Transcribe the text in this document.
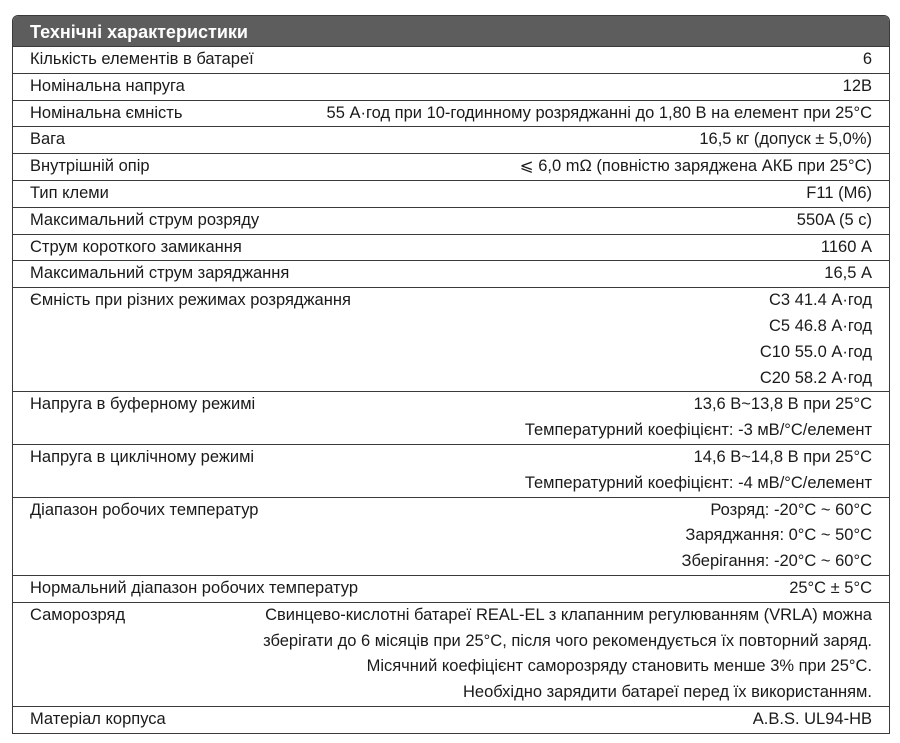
Технічні характеристики
Кількість елементів в батареї	6
Номінальна напруга	12В
Номінальна ємність	55 А·год при 10-годинному розряджанні до 1,80 В на елемент при 25°C
Вага	16,5 кг (допуск ± 5,0%)
Внутрішній опір	⩽ 6,0 mΩ (повністю заряджена АКБ при 25°C)
Тип клеми	F11 (M6)
Максимальний струм розряду	550A (5 с)
Струм короткого замикання	1160 А
Максимальний струм заряджання	16,5 А
Ємність при різних режимах розряджання	С3 41.4 А·год
С5 46.8 А·год
С10 55.0 А·год
С20 58.2 А·год
Напруга в буферному режимі	13,6 В~13,8 В при 25°C
Температурний коефіцієнт: -3 мВ/°С/елемент
Напруга в циклічному режимі	14,6 В~14,8 В при 25°C
Температурний коефіцієнт: -4 мВ/°С/елемент
Діапазон робочих температур	Розряд: -20°C ~ 60°C
Заряджання: 0°C ~ 50°C
Зберігання: -20°C ~ 60°C
Нормальний діапазон робочих температур	25°C ± 5°C
Саморозряд	Свинцево-кислотні батареї REAL-EL з клапанним регулюванням (VRLA) можна
зберігати до 6 місяців при 25°C, після чого рекомендується їх повторний заряд.
Місячний коефіцієнт саморозряду становить менше 3% при 25°C.
Необхідно зарядити батареї перед їх використанням.
Матеріал корпуса	A.B.S. UL94-HB
